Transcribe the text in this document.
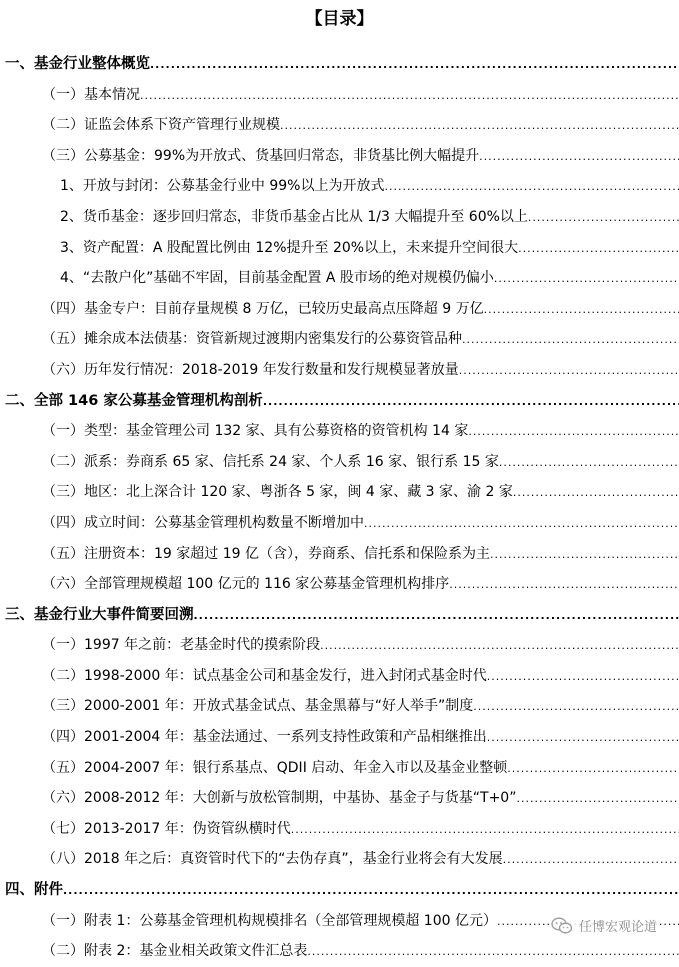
【目录】
一、基金行业整体概览
.....
（一）基本情况
.....
（二）证监会体系下资产管理行业规模
.....
（三）公募基金：99%为开放式、货基回归常态，非货基比例大幅提升
.....
1、开放与封闭：公募基金行业中 99%以上为开放式
.....
2、货币基金：逐步回归常态，非货币基金占比从 1/3 大幅提升至 60%以上
.....
3、资产配置：A 股配置比例由 12%提升至 20%以上，未来提升空间很大
.....
4、“去散户化”基础不牢固，目前基金配置 A 股市场的绝对规模仍偏小
.....
（四）基金专户：目前存量规模 8 万亿，已较历史最高点压降超 9 万亿
.....
（五）摊余成本法债基：资管新规过渡期内密集发行的公募资管品种
.....
（六）历年发行情况：2018-2019 年发行数量和发行规模显著放量
.....
二、全部 146 家公募基金管理机构剖析
.....
（一）类型：基金管理公司 132 家、具有公募资格的资管机构 14 家
.....
（二）派系：券商系 65 家、信托系 24 家、个人系 16 家、银行系 15 家
.....
（三）地区：北上深合计 120 家、粤浙各 5 家，闽 4 家、藏 3 家、渝 2 家
.....
（四）成立时间：公募基金管理机构数量不断增加中
.....
（五）注册资本：19 家超过 19 亿（含），券商系、信托系和保险系为主
.....
（六）全部管理规模超 100 亿元的 116 家公募基金管理机构排序
.....
三、基金行业大事件简要回溯
.....
（一）1997 年之前：老基金时代的摸索阶段
.....
（二）1998-2000 年：试点基金公司和基金发行，进入封闭式基金时代
.....
（三）2000-2001 年：开放式基金试点、基金黑幕与“好人举手”制度
.....
（四）2001-2004 年：基金法通过、一系列支持性政策和产品相继推出
.....
（五）2004-2007 年：银行系基点、QDII 启动、年金入市以及基金业整顿
.....
（六）2008-2012 年：大创新与放松管制期，中基协、基金子与货基“T+0”
.....
（七）2013-2017 年：伪资管纵横时代
.....
（八）2018 年之后：真资管时代下的“去伪存真”，基金行业将会有大发展
.....
四、附件
.....
（一）附表 1：公募基金管理机构规模排名（全部管理规模超 100 亿元）
.....
（二）附表 2：基金业相关政策文件汇总表
.....
任博宏观论道
